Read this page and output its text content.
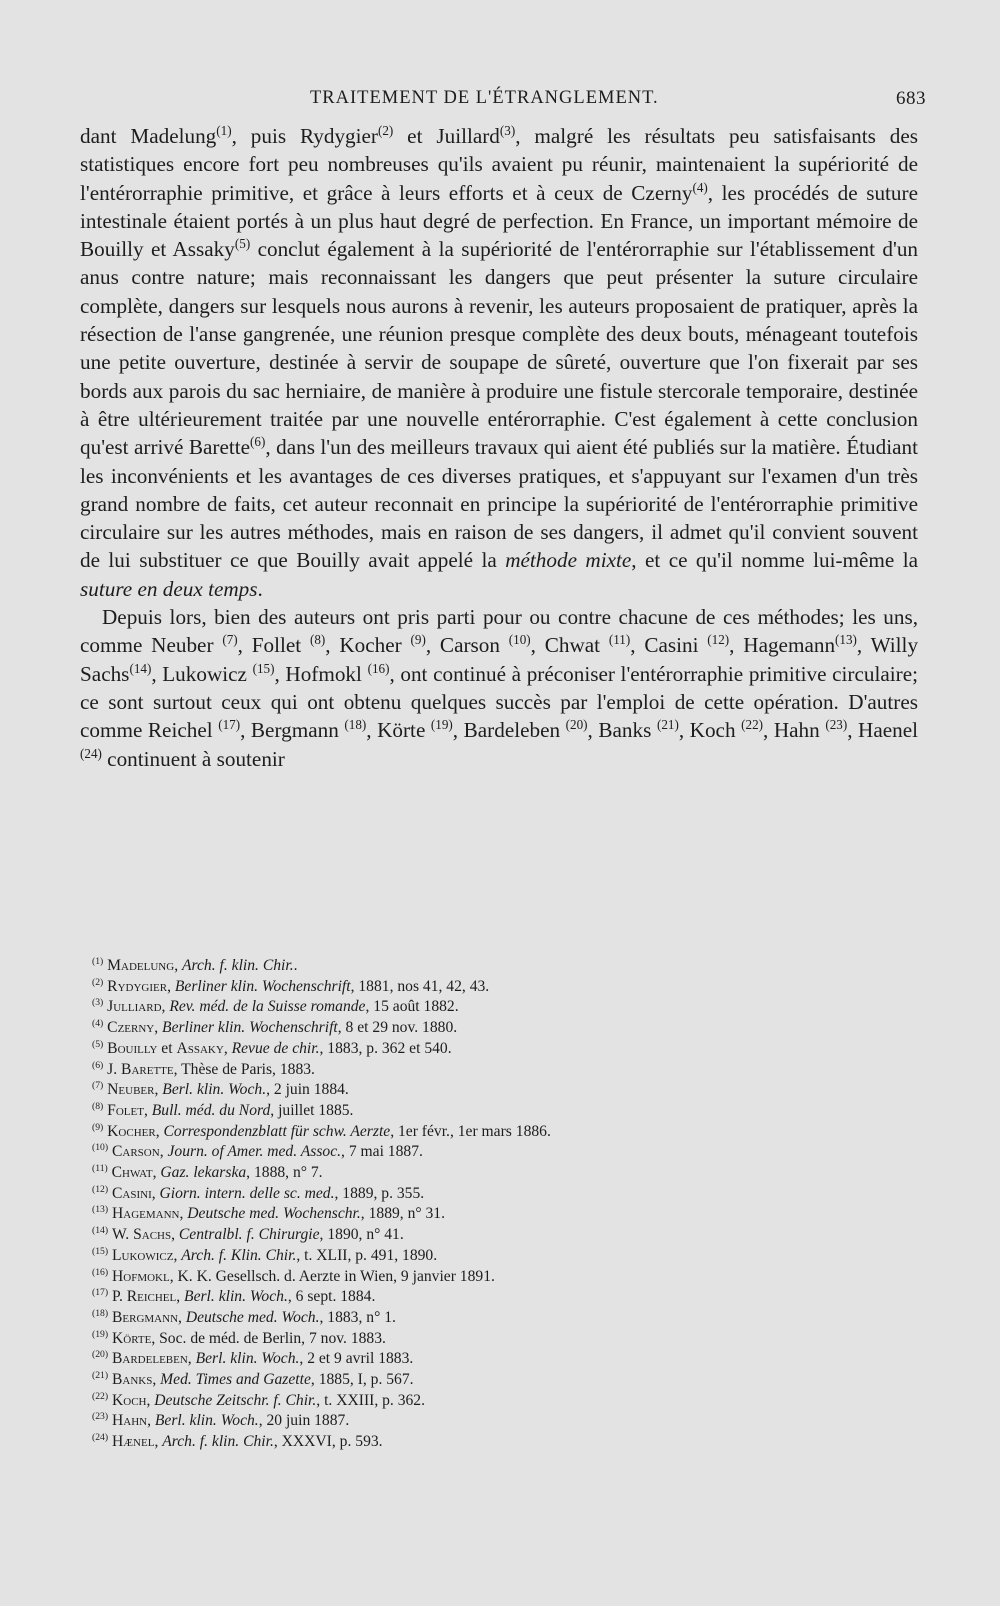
TRAITEMENT DE L'ÉTRANGLEMENT.	683

dant Madelung$^{(1)}$, puis Rydygier$^{(2)}$ et Juillard$^{(3)}$, malgré les résultats peu satisfaisants des statistiques encore fort peu nombreuses qu'ils avaient pu réunir, maintenaient la supériorité de l'entérorraphie primitive, et grâce à leurs efforts et à ceux de Czerny$^{(4)}$, les procédés de suture intestinale étaient portés à un plus haut degré de perfection. En France, un important mémoire de Bouilly et Assaky$^{(5)}$ conclut également à la supériorité de l'entérorraphie sur l'établissement d'un anus contre nature; mais reconnaissant les dangers que peut présenter la suture circulaire complète, dangers sur lesquels nous aurons à revenir, les auteurs proposaient de pratiquer, après la résection de l'anse gangrenée, une réunion presque complète des deux bouts, ménageant toutefois une petite ouverture, destinée à servir de soupape de sûreté, ouverture que l'on fixerait par ses bords aux parois du sac herniaire, de manière à produire une fistule stercorale temporaire, destinée à être ultérieurement traitée par une nouvelle entérorraphie. C'est également à cette conclusion qu'est arrivé Barette$^{(6)}$, dans l'un des meilleurs travaux qui aient été publiés sur la matière. Étudiant les inconvénients et les avantages de ces diverses pratiques, et s'appuyant sur l'examen d'un très grand nombre de faits, cet auteur reconnait en principe la supériorité de l'entérorraphie primitive circulaire sur les autres méthodes, mais en raison de ses dangers, il admet qu'il convient souvent de lui substituer ce que Bouilly avait appelé la méthode mixte, et ce qu'il nomme lui-même la suture en deux temps.

Depuis lors, bien des auteurs ont pris parti pour ou contre chacune de ces méthodes; les uns, comme Neuber $^{(7)}$, Follet $^{(8)}$, Kocher $^{(9)}$, Carson $^{(10)}$, Chwat $^{(11)}$, Casini $^{(12)}$, Hagemann$^{(13)}$, Willy Sachs$^{(14)}$, Lukowicz $^{(15)}$, Hofmokl $^{(16)}$, ont continué à préconiser l'entérorraphie primitive circulaire; ce sont surtout ceux qui ont obtenu quelques succès par l'emploi de cette opération. D'autres comme Reichel $^{(17)}$, Bergmann $^{(18)}$, Körte $^{(19)}$, Bardeleben $^{(20)}$, Banks $^{(21)}$, Koch $^{(22)}$, Hahn $^{(23)}$, Haenel $^{(24)}$ continuent à soutenir

$^{(1)}$ Madelung, Arch. f. klin. Chir..
$^{(2)}$ Rydygier, Berliner klin. Wochenschrift, 1881, nos 41, 42, 43.
$^{(3)}$ Julliard, Rev. méd. de la Suisse romande, 15 août 1882.
$^{(4)}$ Czerny, Berliner klin. Wochenschrift, 8 et 29 nov. 1880.
$^{(5)}$ Bouilly et Assaky, Revue de chir., 1883, p. 362 et 540.
$^{(6)}$ J. Barette, Thèse de Paris, 1883.
$^{(7)}$ Neuber, Berl. klin. Woch., 2 juin 1884.
$^{(8)}$ Folet, Bull. méd. du Nord, juillet 1885.
$^{(9)}$ Kocher, Correspondenzblatt für schw. Aerzte, 1er févr., 1er mars 1886.
$^{(10)}$ Carson, Journ. of Amer. med. Assoc., 7 mai 1887.
$^{(11)}$ Chwat, Gaz. lekarska, 1888, n° 7.
$^{(12)}$ Casini, Giorn. intern. delle sc. med., 1889, p. 355.
$^{(13)}$ Hagemann, Deutsche med. Wochenschr., 1889, n° 31.
$^{(14)}$ W. Sachs, Centralbl. f. Chirurgie, 1890, n° 41.
$^{(15)}$ Lukowicz, Arch. f. Klin. Chir., t. XLII, p. 491, 1890.
$^{(16)}$ Hofmokl, K. K. Gesellsch. d. Aerzte in Wien, 9 janvier 1891.
$^{(17)}$ P. Reichel, Berl. klin. Woch., 6 sept. 1884.
$^{(18)}$ Bergmann, Deutsche med. Woch., 1883, n° 1.
$^{(19)}$ Körte, Soc. de méd. de Berlin, 7 nov. 1883.
$^{(20)}$ Bardeleben, Berl. klin. Woch., 2 et 9 avril 1883.
$^{(21)}$ Banks, Med. Times and Gazette, 1885, I, p. 567.
$^{(22)}$ Koch, Deutsche Zeitschr. f. Chir., t. XXIII, p. 362.
$^{(23)}$ Hahn, Berl. klin. Woch., 20 juin 1887.
$^{(24)}$ Hænel, Arch. f. klin. Chir., XXXVI, p. 593.
